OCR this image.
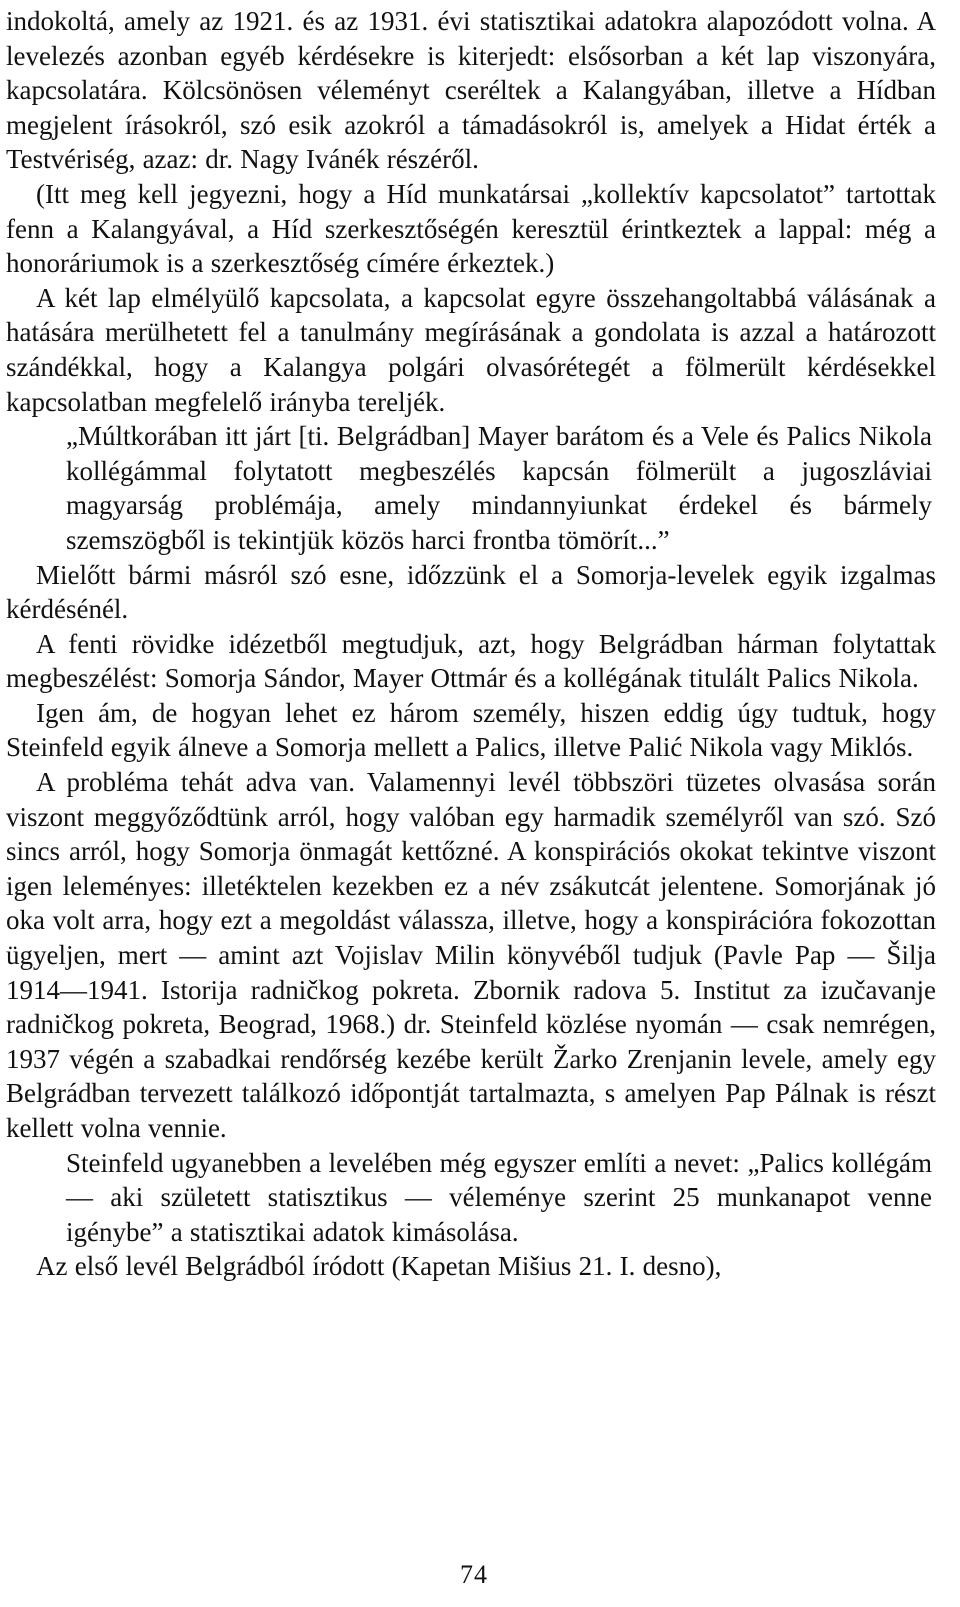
indokoltá, amely az 1921. és az 1931. évi statisztikai adatokra alapozódott volna. A levelezés azonban egyéb kérdésekre is kiterjedt: elsősorban a két lap viszonyára, kapcsolatára. Kölcsönösen véleményt cseréltek a Kalangyában, illetve a Hídban megjelent írásokról, szó esik azokról a támadásokról is, amelyek a Hidat érték a Testvériség, azaz: dr. Nagy Ivánék részéről.

(Itt meg kell jegyezni, hogy a Híd munkatársai „kollektív kapcsolatot” tartottak fenn a Kalangyával, a Híd szerkesztőségén keresztül érintkeztek a lappal: még a honoráriumok is a szerkesztőség címére érkeztek.)

A két lap elmélyülő kapcsolata, a kapcsolat egyre összehangoltabbá válásának a hatására merülhetett fel a tanulmány megírásának a gondolata is azzal a határozott szándékkal, hogy a Kalangya polgári olvasórétegét a fölmerült kérdésekkel kapcsolatban megfelelő irányba tereljék.

„Múltkorában itt járt [ti. Belgrádban] Mayer barátom és a Vele és Palics Nikola kollégámmal folytatott megbeszélés kapcsán fölmerült a jugoszláviai magyarság problémája, amely mindannyiunkat érdekel és bármely szemszögből is tekintjük közös harci frontba tömörít...”

Mielőtt bármi másról szó esne, időzzünk el a Somorja-levelek egyik izgalmas kérdésénél.

A fenti rövidke idézetből megtudjuk, azt, hogy Belgrádban hárman folytattak megbeszélést: Somorja Sándor, Mayer Ottmár és a kollégának titulált Palics Nikola.

Igen ám, de hogyan lehet ez három személy, hiszen eddig úgy tudtuk, hogy Steinfeld egyik álneve a Somorja mellett a Palics, illetve Palić Nikola vagy Miklós.

A probléma tehát adva van. Valamennyi levél többszöri tüzetes olvasása során viszont meggyőződtünk arról, hogy valóban egy harmadik személyről van szó. Szó sincs arról, hogy Somorja önmagát kettőzné. A konspirációs okokat tekintve viszont igen leleményes: illetéktelen kezekben ez a név zsákutcát jelentene. Somorjának jó oka volt arra, hogy ezt a megoldást válassza, illetve, hogy a konspirációra fokozottan ügyeljen, mert — amint azt Vojislav Milin könyvéből tudjuk (Pavle Pap — Šilja 1914—1941. Istorija radničkog pokreta. Zbornik radova 5. Institut za izučavanje radničkog pokreta, Beograd, 1968.) dr. Steinfeld közlése nyomán — csak nemrégen, 1937 végén a szabadkai rendőrség kezébe került Žarko Zrenjanin levele, amely egy Belgrádban tervezett találkozó időpontját tartalmazta, s amelyen Pap Pálnak is részt kellett volna vennie.

Steinfeld ugyanebben a levelében még egyszer említi a nevet: „Palics kollégám — aki született statisztikus — véleménye szerint 25 munkanapot venne igénybe” a statisztikai adatok kimásolása.

Az első levél Belgrádból íródott (Kapetan Mišius 21. I. desno),

74
